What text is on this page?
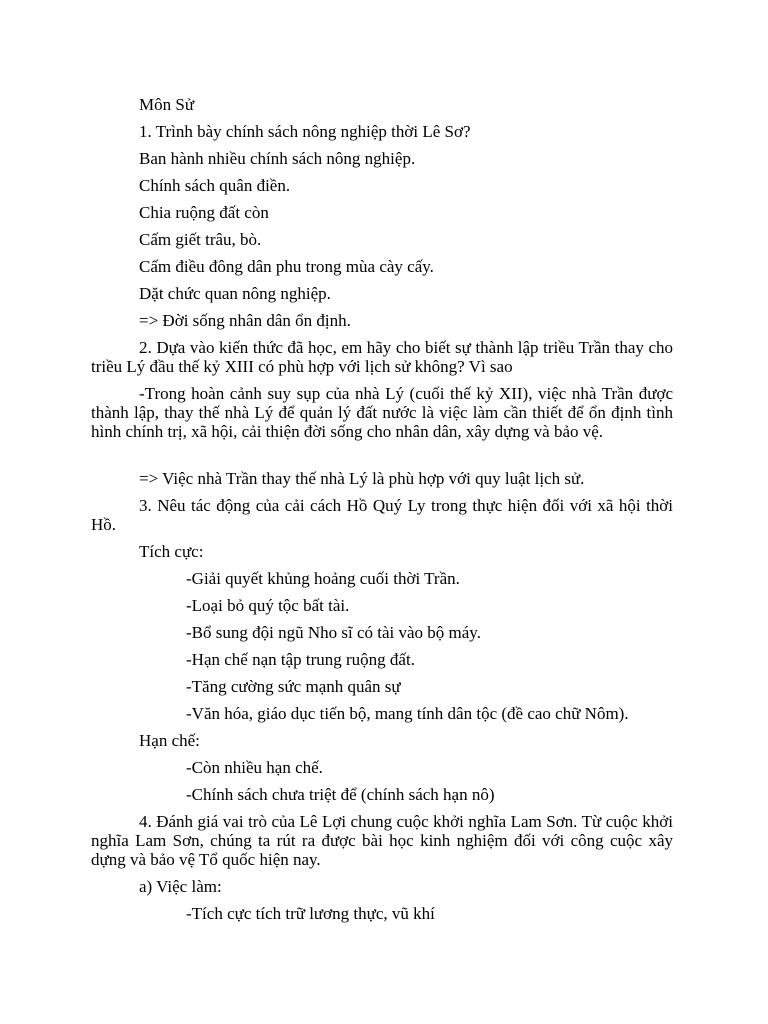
Môn Sử

1. Trình bày chính sách nông nghiệp thời Lê Sơ?

Ban hành nhiều chính sách nông nghiệp.

Chính sách quân điền.

Chia ruộng đất còn

Cấm giết trâu, bò.

Cấm điều đông dân phu trong mùa cày cấy.

Dặt chức quan nông nghiệp.

=> Đời sống nhân dân ổn định.

2. Dựa vào kiến thức đã học, em hãy cho biết sự thành lập triều Trần thay cho triều Lý đầu thế kỷ XIII có phù hợp với lịch sử không? Vì sao

-Trong hoàn cảnh suy sụp của nhà Lý (cuối thế kỷ XII), việc nhà Trần được thành lập, thay thế nhà Lý để quản lý đất nước là việc làm cần thiết để ổn định tình hình chính trị, xã hội, cải thiện đời sống cho nhân dân, xây dựng và bảo vệ.

=> Việc nhà Trần thay thế nhà Lý là phù hợp với quy luật lịch sử.

3. Nêu tác động của cải cách Hồ Quý Ly trong thực hiện đối với xã hội thời Hồ.

Tích cực:

-Giải quyết khủng hoảng cuối thời Trần.

-Loại bỏ quý tộc bất tài.

-Bổ sung đội ngũ Nho sĩ có tài vào bộ máy.

-Hạn chế nạn tập trung ruộng đất.

-Tăng cường sức mạnh quân sự

-Văn hóa, giáo dục tiến bộ, mang tính dân tộc (đề cao chữ Nôm).

Hạn chế:

-Còn nhiều hạn chế.

-Chính sách chưa triệt để (chính sách hạn nô)

4. Đánh giá vai trò của Lê Lợi chung cuộc khởi nghĩa Lam Sơn. Từ cuộc khởi nghĩa Lam Sơn, chúng ta rút ra được bài học kinh nghiệm đối với công cuộc xây dựng và bảo vệ Tổ quốc hiện nay.

a) Việc làm:

-Tích cực tích trữ lương thực, vũ khí
